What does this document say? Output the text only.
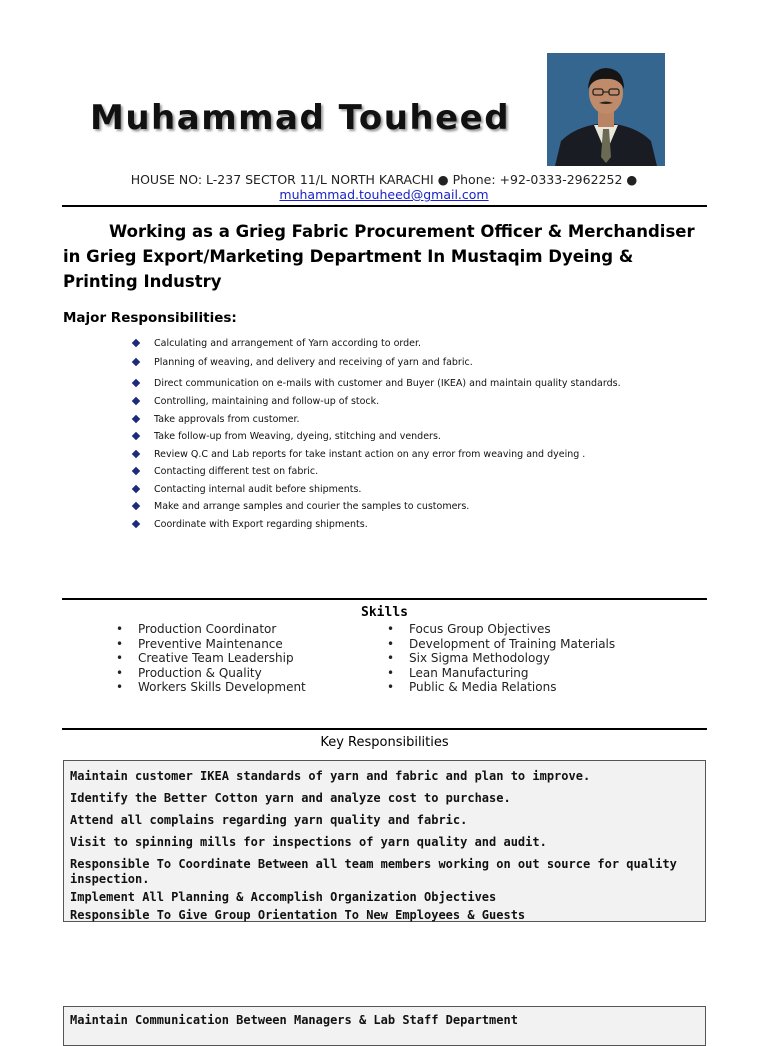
Muhammad Touheed
HOUSE NO: L-237 SECTOR 11/L NORTH KARACHI ● Phone: +92-0333-2962252 ●
muhammad.touheed@gmail.com
Working as a Grieg Fabric Procurement Officer & Merchandiser in Grieg Export/Marketing Department In Mustaqim Dyeing & Printing Industry
Major Responsibilities:
Calculating and arrangement of Yarn according to order.
Planning of weaving, and delivery and receiving of yarn and fabric.
Direct communication on e-mails with customer and Buyer (IKEA) and maintain quality standards.
Controlling, maintaining and follow-up of stock.
Take approvals from customer.
Take follow-up from Weaving, dyeing, stitching and venders.
Review Q.C and Lab reports for take instant action on any error from weaving and dyeing .
Contacting different test on fabric.
Contacting internal audit before shipments.
Make and arrange samples and courier the samples to customers.
Coordinate with Export regarding shipments.
Skills
• Production Coordinator
• Preventive Maintenance
• Creative Team Leadership
• Production & Quality
• Workers Skills Development
• Focus Group Objectives
• Development of Training Materials
• Six Sigma Methodology
• Lean Manufacturing
• Public & Media Relations
Key Responsibilities

Maintain customer IKEA standards of yarn and fabric and plan to improve.

Identify the Better Cotton yarn and analyze cost to purchase.

Attend all complains regarding yarn quality and fabric.

Visit to spinning mills for inspections of yarn quality and audit.

Responsible To Coordinate Between all team members working on out source for quality inspection.

Implement All Planning & Accomplish Organization Objectives

Responsible To Give Group Orientation To New Employees & Guests

Maintain Communication Between Managers & Lab Staff Department
